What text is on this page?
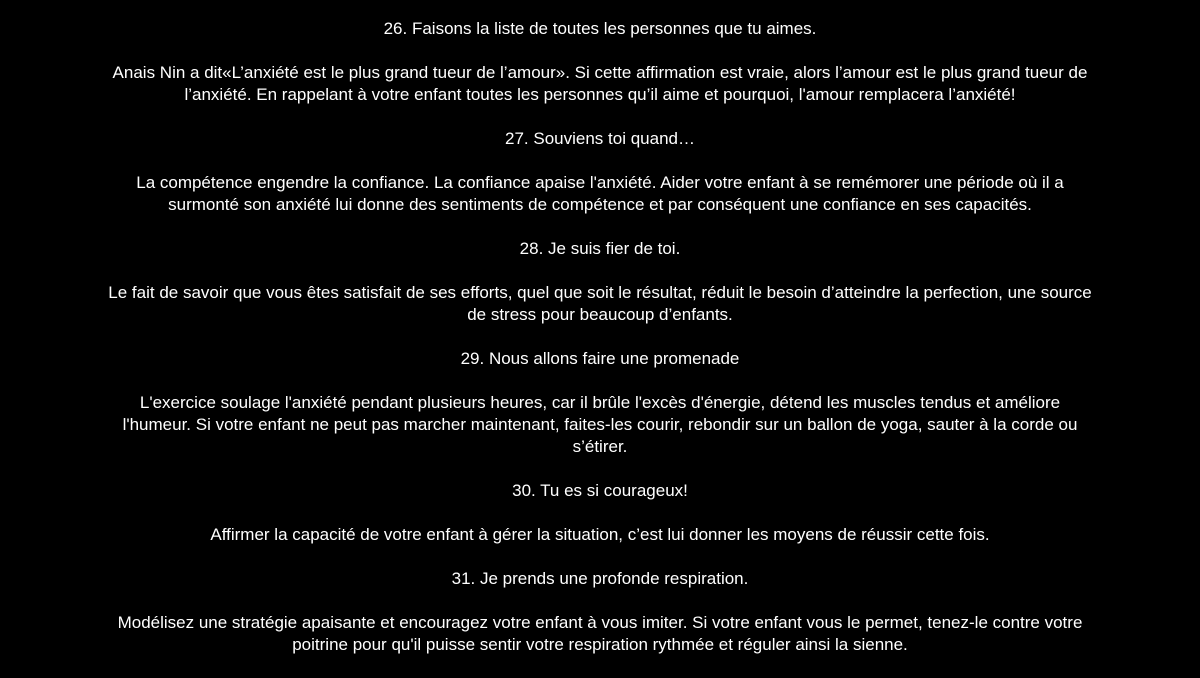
26. Faisons la liste de toutes les personnes que tu aimes.
Anais Nin a dit«L’anxiété est le plus grand tueur de l’amour». Si cette affirmation est vraie, alors l’amour est le plus grand tueur de l’anxiété. En rappelant à votre enfant toutes les personnes qu’il aime et pourquoi, l'amour remplacera l’anxiété!
27. Souviens toi quand…
La compétence engendre la confiance. La confiance apaise l'anxiété. Aider votre enfant à se remémorer une période où il a surmonté son anxiété lui donne des sentiments de compétence et par conséquent une confiance en ses capacités.
28. Je suis fier de toi.
Le fait de savoir que vous êtes satisfait de ses efforts, quel que soit le résultat, réduit le besoin d’atteindre la perfection, une source de stress pour beaucoup d’enfants.
29. Nous allons faire une promenade
L'exercice soulage l'anxiété pendant plusieurs heures, car il brûle l'excès d'énergie, détend les muscles tendus et améliore l'humeur. Si votre enfant ne peut pas marcher maintenant, faites-les courir, rebondir sur un ballon de yoga, sauter à la corde ou s’étirer.
30. Tu es si courageux!
Affirmer la capacité de votre enfant à gérer la situation, c’est lui donner les moyens de réussir cette fois.
31. Je prends une profonde respiration.
Modélisez une stratégie apaisante et encouragez votre enfant à vous imiter. Si votre enfant vous le permet, tenez-le contre votre poitrine pour qu'il puisse sentir votre respiration rythmée et réguler ainsi la sienne.
